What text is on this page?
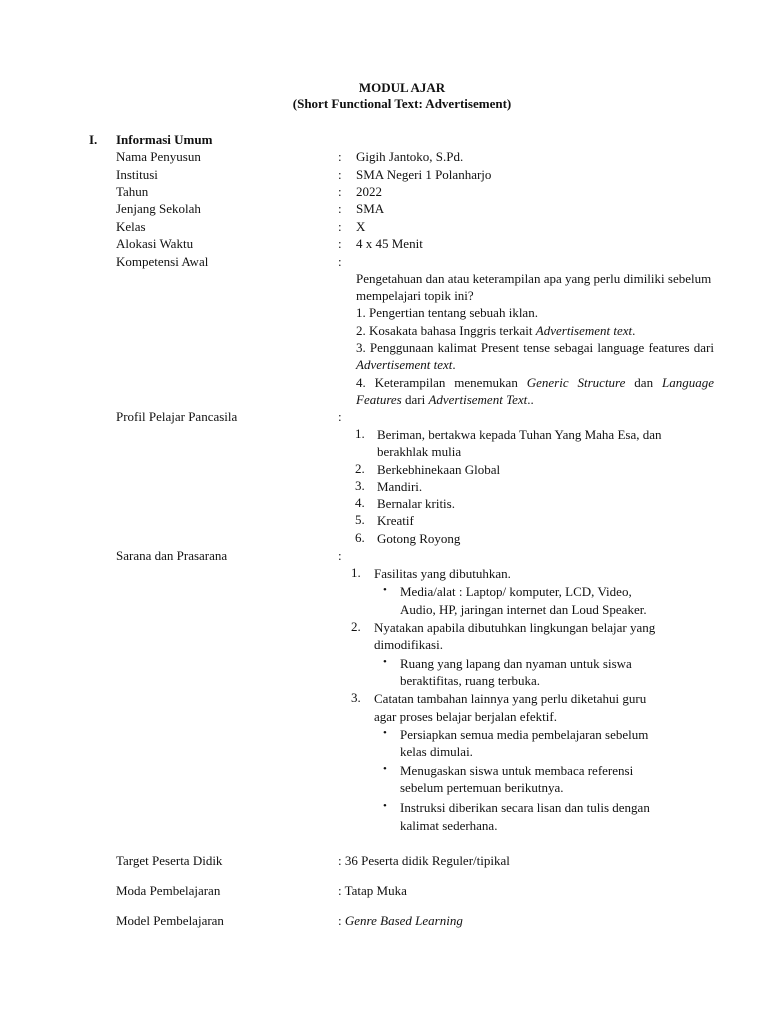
MODUL AJAR
(Short Functional Text: Advertisement)
I. Informasi Umum
Nama Penyusun	: Gigih Jantoko, S.Pd.
Institusi	: SMA Negeri 1 Polanharjo
Tahun	: 2022
Jenjang Sekolah	: SMA
Kelas	: X
Alokasi Waktu	: 4 x 45 Menit
Kompetensi Awal	:
Pengetahuan dan atau keterampilan apa yang perlu dimiliki sebelum mempelajari topik ini?
1. Pengertian tentang sebuah iklan.
2. Kosakata bahasa Inggris terkait Advertisement text.
3. Penggunaan kalimat Present tense sebagai language features dari Advertisement text.
4. Keterampilan menemukan Generic Structure dan Language Features dari Advertisement Text..
Profil Pelajar Pancasila	:
1. Beriman, bertakwa kepada Tuhan Yang Maha Esa, dan
berakhlak mulia
2. Berkebhinekaan Global
3. Mandiri.
4. Bernalar kritis.
5. Kreatif
6. Gotong Royong
Sarana dan Prasarana	:
1. Fasilitas yang dibutuhkan.
• Media/alat : Laptop/ komputer, LCD, Video,
Audio, HP, jaringan internet dan Loud Speaker.
2. Nyatakan apabila dibutuhkan lingkungan belajar yang
dimodifikasi.
• Ruang yang lapang dan nyaman untuk siswa
beraktifitas, ruang terbuka.
3. Catatan tambahan lainnya yang perlu diketahui guru
agar proses belajar berjalan efektif.
• Persiapkan semua media pembelajaran sebelum
kelas dimulai.
• Menugaskan siswa untuk membaca referensi
sebelum pertemuan berikutnya.
• Instruksi diberikan secara lisan dan tulis dengan
kalimat sederhana.
Target Peserta Didik	: 36 Peserta didik Reguler/tipikal
Moda Pembelajaran	: Tatap Muka
Model Pembelajaran	: Genre Based Learning
